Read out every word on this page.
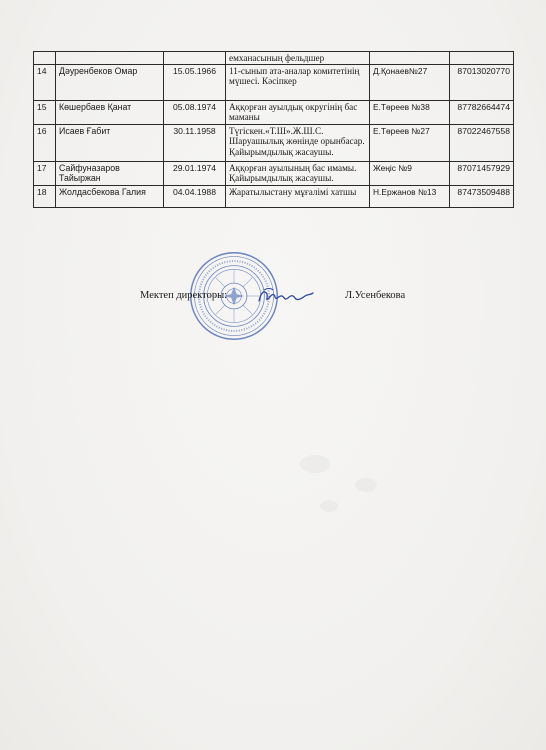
			емханасының фельдшер		
14	Дәуренбеков Омар	15.05.1966	11-сынып ата-аналар комитетінің мүшесі. Кәсіпкер	Д.Қонаев№27	87013020770
15	Көшербаев Қанат	05.08.1974	Аққорған ауылдық округінің бас маманы	Е.Төреев №38	87782664474
16	Исаев Ғабит	30.11.1958	Түгіскен.«Т.Ш».Ж.Ш.С. Шаруашылық жөнінде орынбасар. Қайырымдылық жасаушы.	Е.Төреев №27	87022467558
17	Сайфуназаров Тайыржан	29.01.1974	Аққорған ауылының бас имамы. Қайырымдылық жасаушы.	Жеңіс №9	87071457929
18	Жолдасбекова Галия	04.04.1988	Жаратылыстану мұғалімі хатшы	Н.Ержанов №13	87473509488
Мектеп директоры:	Л.Усенбекова
